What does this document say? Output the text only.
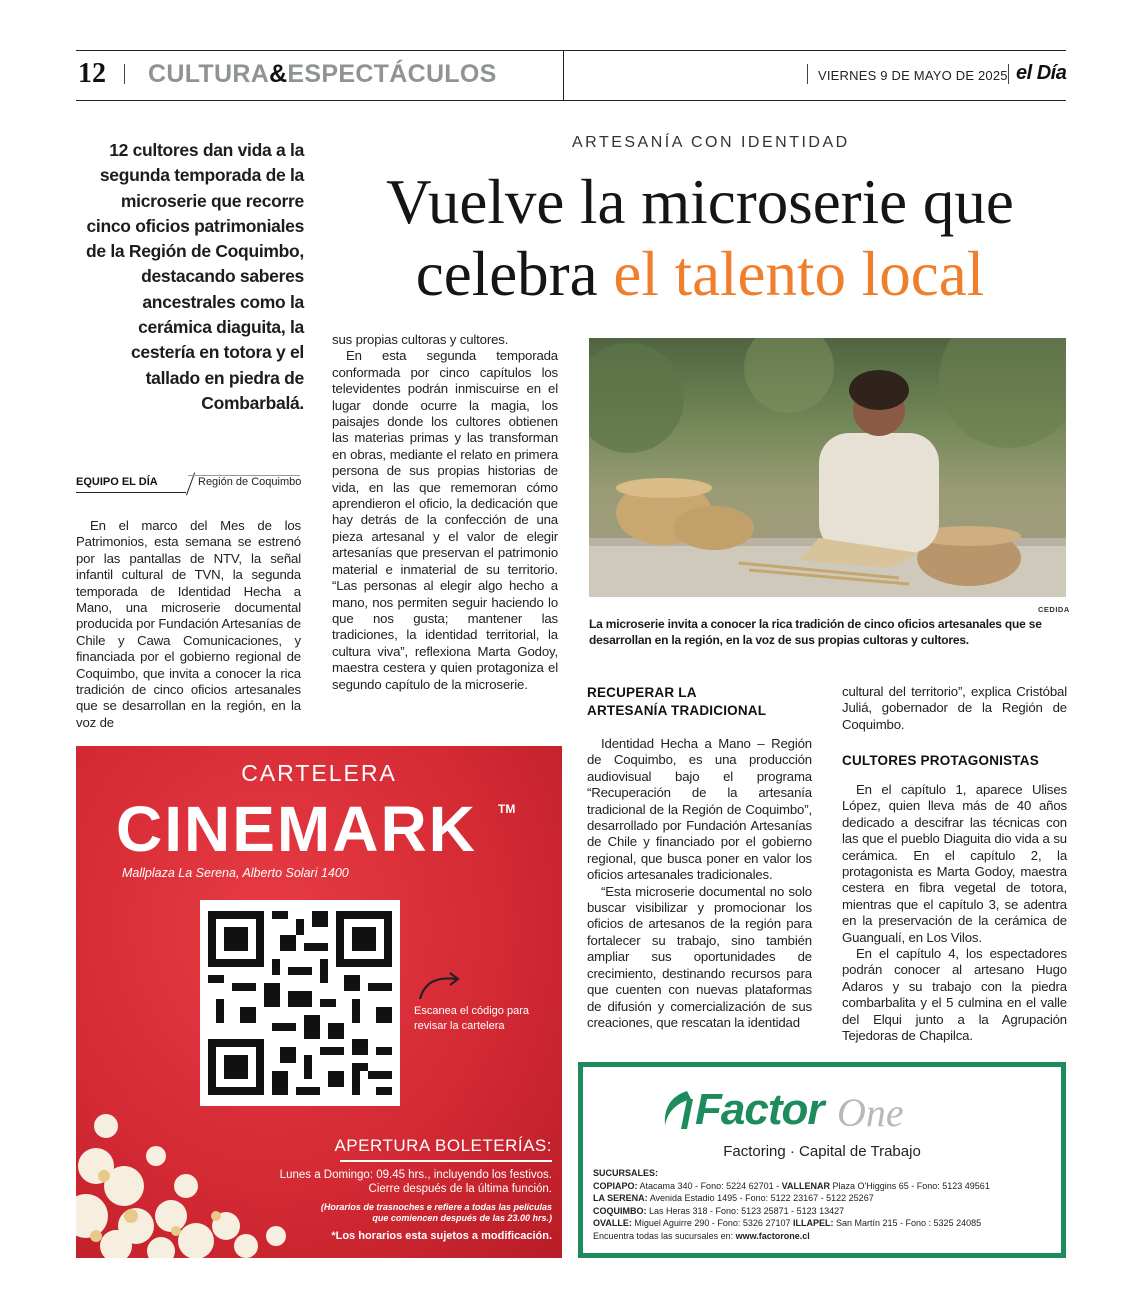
12 CULTURA&ESPECTÁCULOS	VIERNES 9 DE MAYO DE 2025 el Día
ARTESANÍA CON IDENTIDAD
Vuelve la microserie que
celebra el talento local
12 cultores dan vida a la segunda temporada de la microserie que recorre cinco oficios patrimoniales de la Región de Coquimbo, destacando saberes ancestrales como la cerámica diaguita, la cestería en totora y el tallado en piedra de Combarbalá.
EQUIPO EL DÍA	Región de Coquimbo

En el marco del Mes de los Patrimonios, esta semana se estrenó por las pantallas de NTV, la señal infantil cultural de TVN, la segunda temporada de Identidad Hecha a Mano, una microserie documental producida por Fundación Artesanías de Chile y Cawa Comunicaciones, y financiada por el gobierno regional de Coquimbo, que invita a conocer la rica tradición de cinco oficios artesanales que se desarrollan en la región, en la voz de

sus propias cultoras y cultores.

En esta segunda temporada conformada por cinco capítulos los televidentes podrán inmiscuirse en el lugar donde ocurre la magia, los paisajes donde los cultores obtienen las materias primas y las transforman en obras, mediante el relato en primera persona de sus propias historias de vida, en las que rememoran cómo aprendieron el oficio, la dedicación que hay detrás de la confección de una pieza artesanal y el valor de elegir artesanías que preservan el patrimonio material e inmaterial de su territorio. “Las personas al elegir algo hecho a mano, nos permiten seguir haciendo lo que nos gusta; mantener las tradiciones, la identidad territorial, la cultura viva”, reflexiona Marta Godoy, maestra cestera y quien protagoniza el segundo capítulo de la microserie.

CEDIDA
La microserie invita a conocer la rica tradición de cinco oficios artesanales que se desarrollan en la región, en la voz de sus propias cultoras y cultores.
RECUPERAR LA
ARTESANÍA TRADICIONAL

Identidad Hecha a Mano – Región de Coquimbo, es una producción audiovisual bajo el programa “Recuperación de la artesanía tradicional de la Región de Coquimbo”, desarrollado por Fundación Artesanías de Chile y financiado por el gobierno regional, que busca poner en valor los oficios artesanales tradicionales.

“Esta microserie documental no solo buscar visibilizar y promocionar los oficios de artesanos de la región para fortalecer su trabajo, sino también ampliar sus oportunidades de crecimiento, destinando recursos para que cuenten con nuevas plataformas de difusión y comercialización de sus creaciones, que rescatan la identidad

cultural del territorio”, explica Cristóbal Juliá, gobernador de la Región de Coquimbo.

CULTORES PROTAGONISTAS

En el capítulo 1, aparece Ulises López, quien lleva más de 40 años dedicado a descifrar las técnicas con las que el pueblo Diaguita dio vida a su cerámica. En el capítulo 2, la protagonista es Marta Godoy, maestra cestera en fibra vegetal de totora, mientras que el capítulo 3, se adentra en la preservación de la cerámica de Guangualí, en Los Vilos.

En el capítulo 4, los espectadores podrán conocer al artesano Hugo Adaros y su trabajo con la piedra combarbalita y el 5 culmina en el valle del Elqui junto a la Agrupación Tejedoras de Chapilca.

CARTELERA
CINEMARK TM
Mallplaza La Serena, Alberto Solari 1400
Escanea el código para revisar la cartelera
APERTURA BOLETERÍAS:
Lunes a Domingo: 09.45 hrs., incluyendo los festivos.
Cierre después de la última función.
(Horarios de trasnoches e refiere a todas las películas que comiencen después de las 23.00 hrs.)
*Los horarios esta sujetos a modificación.
Factor One
Factoring · Capital de Trabajo
SUCURSALES:
COPIAPO: Atacama 340 - Fono: 5224 62701 - VALLENAR Plaza O'Higgins 65 - Fono: 5123 49561
LA SERENA: Avenida Estadio 1495 - Fono: 5122 23167 - 5122 25267
COQUIMBO: Las Heras 318 - Fono: 5123 25871 - 5123 13427
OVALLE: Miguel Aguirre 290 - Fono: 5326 27107 ILLAPEL: San Martín 215 - Fono : 5325 24085
Encuentra todas las sucursales en: www.factorone.cl
